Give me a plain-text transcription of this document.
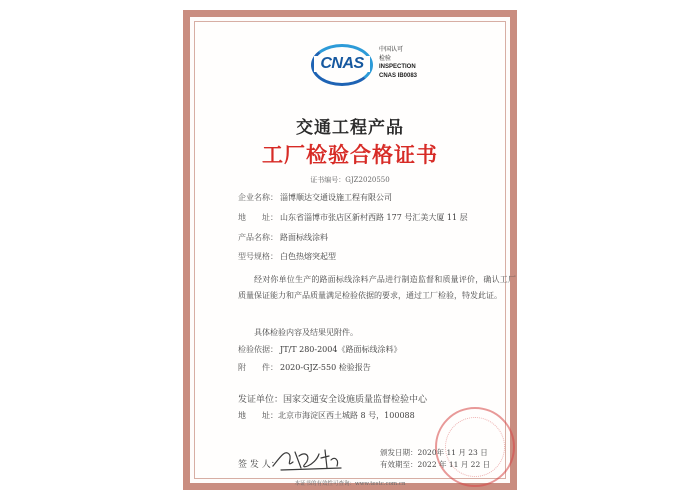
CNAS
中国认可
检验
INSPECTION
CNAS IB0083
交通工程产品
工厂检验合格证书
证书编号：GJZ2020550
企业名称： 淄博顺达交通设施工程有限公司
地　　址： 山东省淄博市张店区新村西路 177 号汇美大厦 11 层
产品名称： 路面标线涂料
型号规格： 白色热熔突起型
经对你单位生产的路面标线涂料产品进行制造监督和质量评价，确认工厂质量保证能力和产品质量满足检验依据的要求，通过工厂检验，特发此证。
具体检验内容及结果见附件。
检验依据： JT/T 280-2004《路面标线涂料》
附　　件： 2020-GJZ-550 检验报告
发证单位：国家交通安全设施质量监督检验中心
地　　址：北京市海淀区西土城路 8 号，100088
签 发 人：
颁发日期：2020年 11 月 23 日
有效期至：2022 年 11 月 22 日
本证书的有效性可查询：www.testc.com.cn
